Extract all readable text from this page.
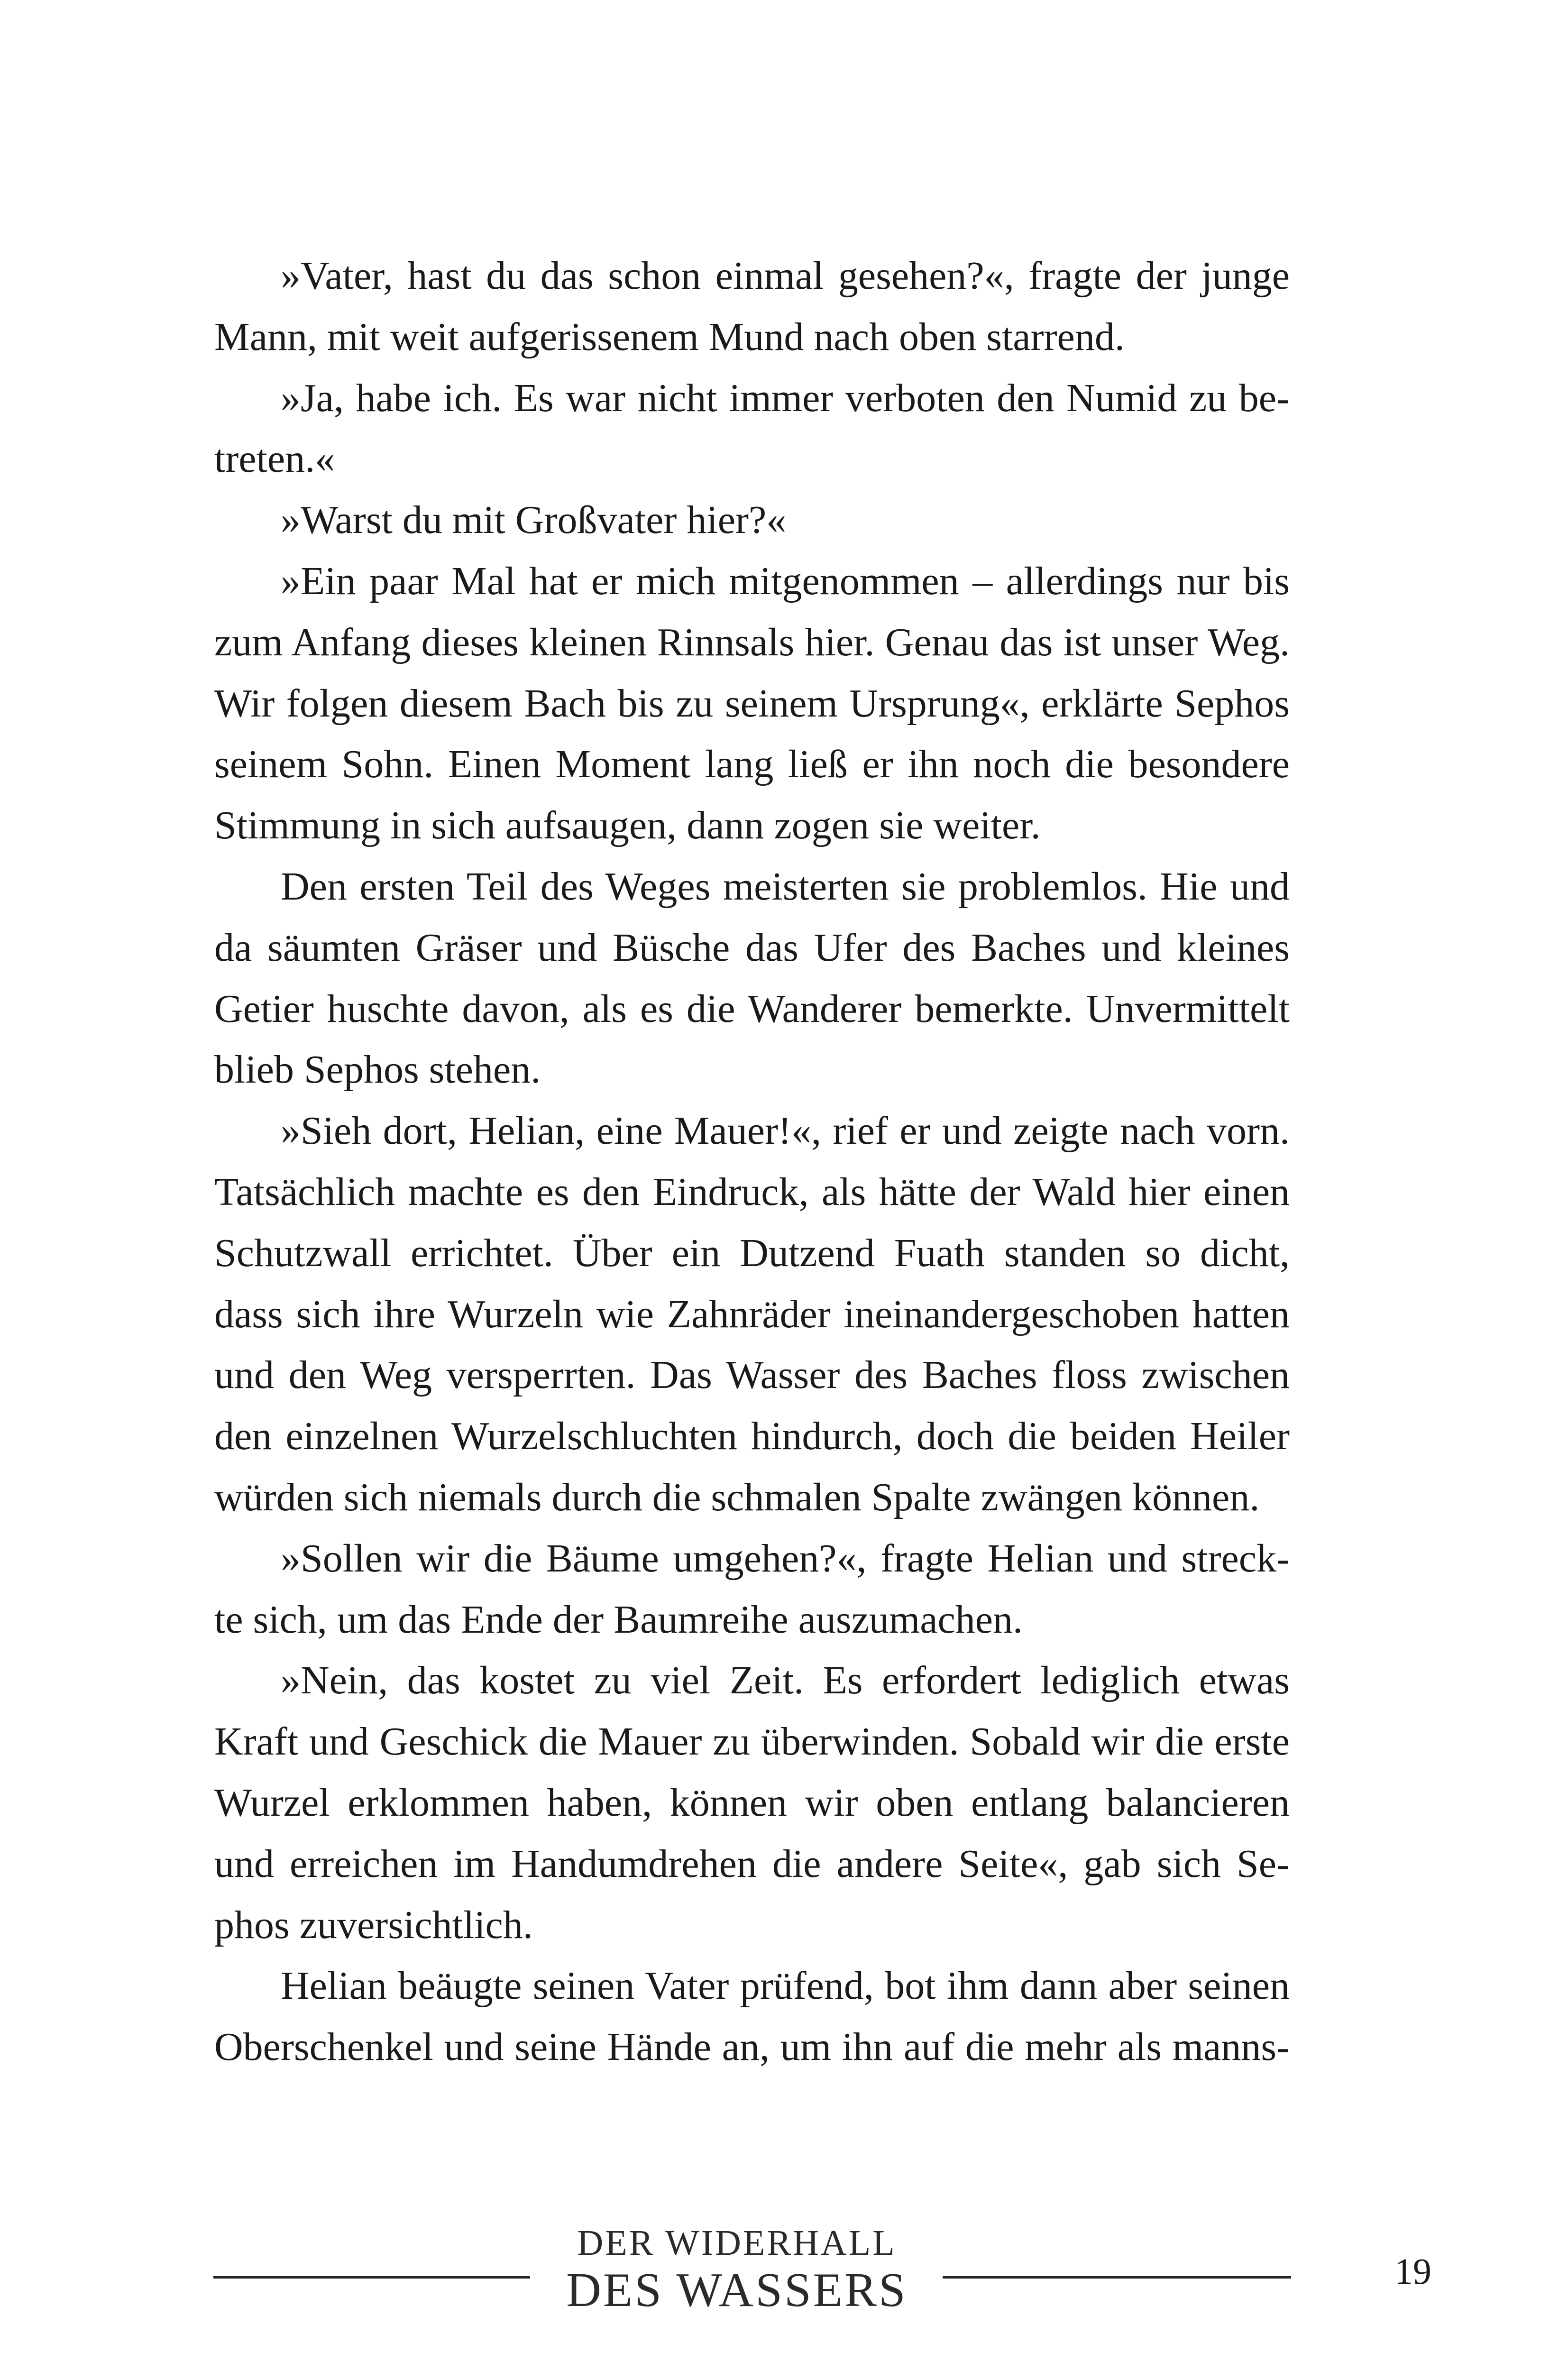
»Vater, hast du das schon einmal gesehen?«, fragte der junge
Mann, mit weit aufgerissenem Mund nach oben starrend.
»Ja, habe ich. Es war nicht immer verboten den Numid zu be-
treten.«
»Warst du mit Großvater hier?«
»Ein paar Mal hat er mich mitgenommen – allerdings nur bis
zum Anfang dieses kleinen Rinnsals hier. Genau das ist unser Weg.
Wir folgen diesem Bach bis zu seinem Ursprung«, erklärte Sephos
seinem Sohn. Einen Moment lang ließ er ihn noch die besondere
Stimmung in sich aufsaugen, dann zogen sie weiter.
Den ersten Teil des Weges meisterten sie problemlos. Hie und
da säumten Gräser und Büsche das Ufer des Baches und kleines
Getier huschte davon, als es die Wanderer bemerkte. Unvermittelt
blieb Sephos stehen.
»Sieh dort, Helian, eine Mauer!«, rief er und zeigte nach vorn.
Tatsächlich machte es den Eindruck, als hätte der Wald hier einen
Schutzwall errichtet. Über ein Dutzend Fuath standen so dicht,
dass sich ihre Wurzeln wie Zahnräder ineinandergeschoben hatten
und den Weg versperrten. Das Wasser des Baches floss zwischen
den einzelnen Wurzelschluchten hindurch, doch die beiden Heiler
würden sich niemals durch die schmalen Spalte zwängen können.
»Sollen wir die Bäume umgehen?«, fragte Helian und streck-
te sich, um das Ende der Baumreihe auszumachen.
»Nein, das kostet zu viel Zeit. Es erfordert lediglich etwas
Kraft und Geschick die Mauer zu überwinden. Sobald wir die erste
Wurzel erklommen haben, können wir oben entlang balancieren
und erreichen im Handumdrehen die andere Seite«, gab sich Se-
phos zuversichtlich.
Helian beäugte seinen Vater prüfend, bot ihm dann aber seinen
Oberschenkel und seine Hände an, um ihn auf die mehr als manns-
DER WIDERHALL
DES WASSERS	19
